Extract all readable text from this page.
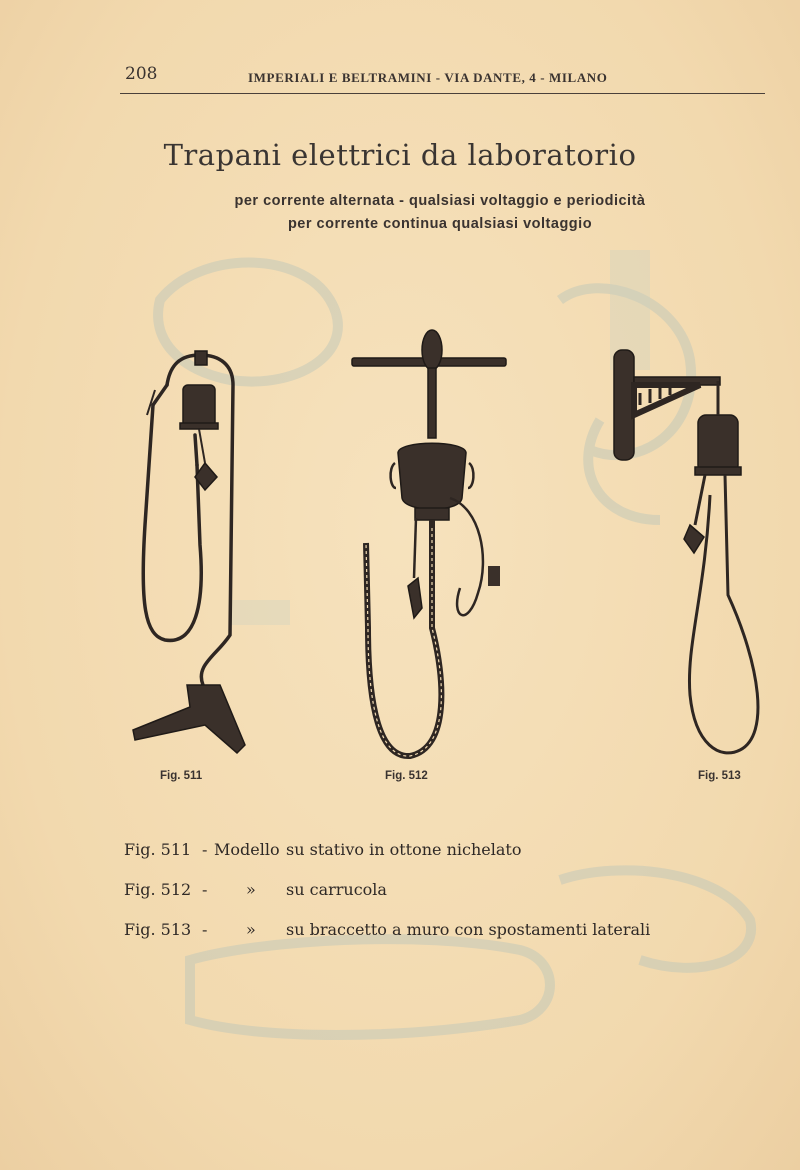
208	IMPERIALI E BELTRAMINI - VIA DANTE, 4 - MILANO
Trapani elettrici da laboratorio
per corrente alternata - qualsiasi voltaggio e periodicità
per corrente continua qualsiasi voltaggio
Fig. 511	Fig. 512	Fig. 513
Fig. 511 - Modello su stativo in ottone nichelato
Fig. 512 - » su carrucola
Fig. 513 - » su braccetto a muro con spostamenti laterali
